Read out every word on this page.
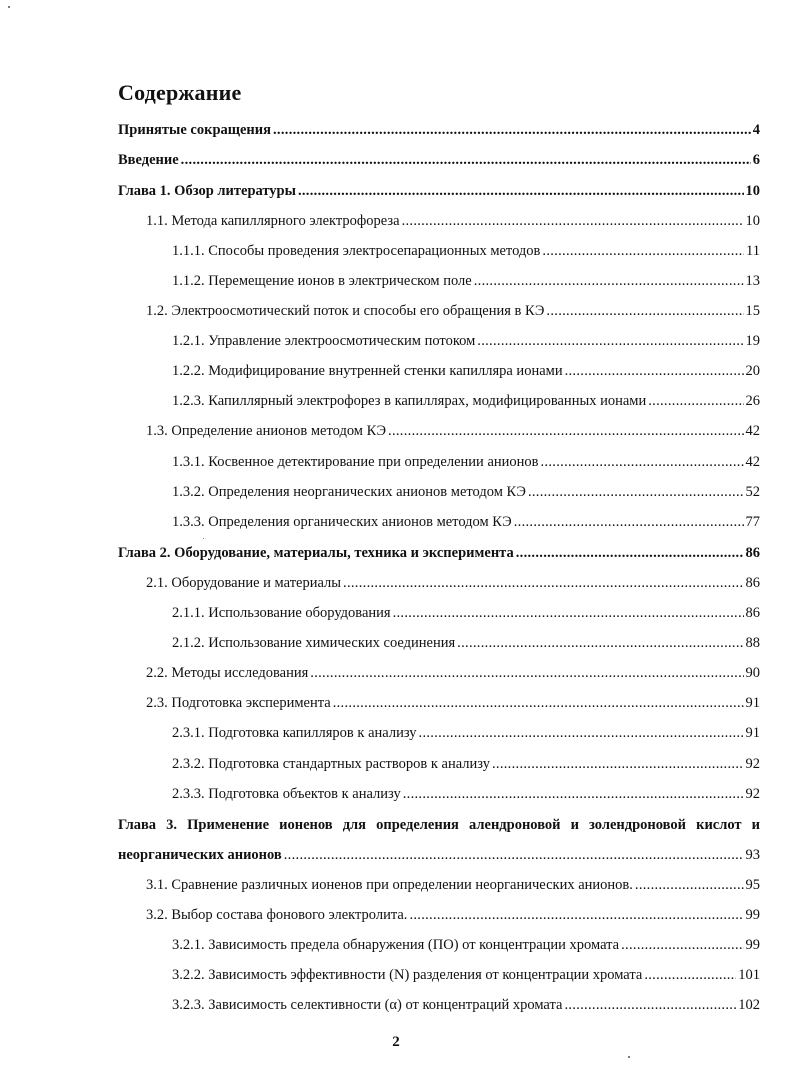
Содержание
Принятые сокращения .....	4
Введение .....	6
Глава 1. Обзор литературы .....	10
1.1. Метода капиллярного электрофореза .....	10
1.1.1. Способы проведения электросепарационных методов .....	11
1.1.2. Перемещение ионов в электрическом поле .....	13
1.2. Электроосмотический поток и способы его обращения в КЭ .....	15
1.2.1. Управление электроосмотическим потоком .....	19
1.2.2. Модифицирование внутренней стенки капилляра ионами .....	20
1.2.3. Капиллярный электрофорез в капиллярах, модифицированных ионами .....	26
1.3. Определение анионов методом КЭ .....	42
1.3.1. Косвенное детектирование при определении анионов .....	42
1.3.2. Определения неорганических анионов методом КЭ .....	52
1.3.3. Определения органических анионов методом КЭ .....	77
Глава 2. Оборудование, материалы, техника и эксперимента .....	86
2.1. Оборудование и материалы .....	86
2.1.1. Использование оборудования .....	86
2.1.2. Использование химических соединения .....	88
2.2. Методы исследования .....	90
2.3. Подготовка эксперимента .....	91
2.3.1. Подготовка капилляров к анализу .....	91
2.3.2. Подготовка стандартных растворов к анализу .....	92
2.3.3. Подготовка объектов к анализу .....	92
Глава 3. Применение ионенов для определения алендроновой и золендроновой кислот и
неорганических анионов .....	93
3.1. Сравнение различных ионенов при определении неорганических анионов. .....	95
3.2. Выбор состава фонового электролита. .....	99
3.2.1. Зависимость предела обнаружения (ПО) от концентрации хромата .....	99
3.2.2. Зависимость эффективности (N) разделения от концентрации хромата .....	101
3.2.3. Зависимость селективности (α) от концентраций хромата .....	102
2
